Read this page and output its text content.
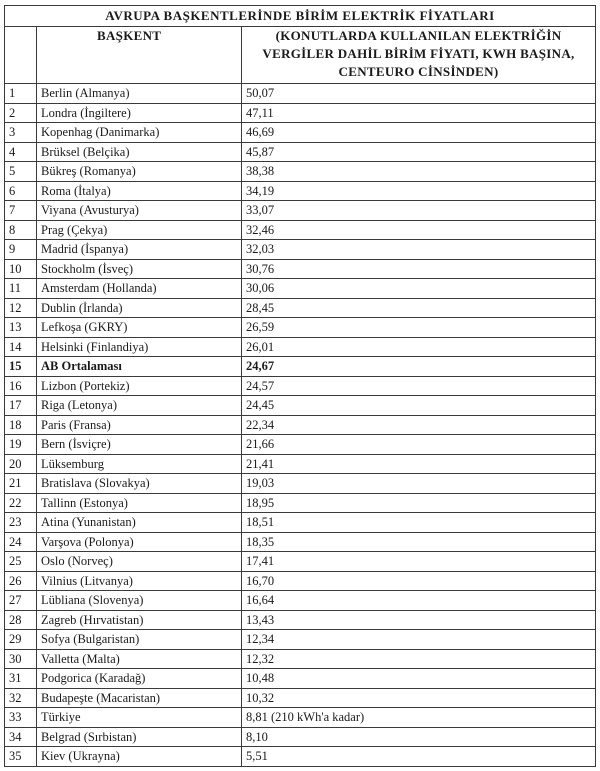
AVRUPA BAŞKENTLERİNDE BİRİM ELEKTRİK FİYATLARI		
	BAŞKENT	(KONUTLARDA KULLANILAN ELEKTRİĞİN VERGİLER DAHİL BİRİM FİYATI, KWH BAŞINA, CENTEURO CİNSİNDEN)
1	Berlin (Almanya)	50,07
2	Londra (İngiltere)	47,11
3	Kopenhag (Danimarka)	46,69
4	Brüksel (Belçika)	45,87
5	Bükreş (Romanya)	38,38
6	Roma (İtalya)	34,19
7	Viyana (Avusturya)	33,07
8	Prag (Çekya)	32,46
9	Madrid (İspanya)	32,03
10	Stockholm (İsveç)	30,76
11	Amsterdam (Hollanda)	30,06
12	Dublin (İrlanda)	28,45
13	Lefkoşa (GKRY)	26,59
14	Helsinki (Finlandiya)	26,01
15	AB Ortalaması	24,67
16	Lizbon (Portekiz)	24,57
17	Riga (Letonya)	24,45
18	Paris (Fransa)	22,34
19	Bern (İsviçre)	21,66
20	Lüksemburg	21,41
21	Bratislava (Slovakya)	19,03
22	Tallinn (Estonya)	18,95
23	Atina (Yunanistan)	18,51
24	Varşova (Polonya)	18,35
25	Oslo (Norveç)	17,41
26	Vilnius (Litvanya)	16,70
27	Lübliana (Slovenya)	16,64
28	Zagreb (Hırvatistan)	13,43
29	Sofya (Bulgaristan)	12,34
30	Valletta (Malta)	12,32
31	Podgorica (Karadağ)	10,48
32	Budapeşte (Macaristan)	10,32
33	Türkiye	8,81 (210 kWh'a kadar)
34	Belgrad (Sırbistan)	8,10
35	Kiev (Ukrayna)	5,51
